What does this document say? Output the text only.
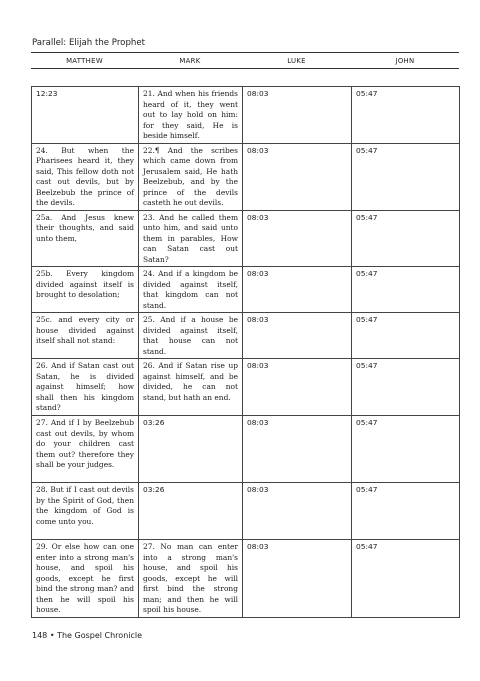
Parallel: Elijah the Prophet
MATTHEW	MARK	LUKE	JOHN
12:23	21. And when his friends heard of it, they went out to lay hold on him: for they said, He is beside himself.	08:03	05:47
24. But when the Pharisees heard it, they said, This fellow doth not cast out devils, but by Beelzebub the prince of the devils.	22.¶ And the scribes which came down from Jerusalem said, He hath Beelzebub, and by the prince of the devils casteth he out devils.	08:03	05:47
25a. And Jesus knew their thoughts, and said unto them,	23. And he called them unto him, and said unto them in parables, How can Satan cast out Satan?	08:03	05:47
25b. Every kingdom divided against itself is brought to desolation;	24. And if a kingdom be divided against itself, that kingdom can not stand.	08:03	05:47
25c. and every city or house divided against itself shall not stand:	25. And if a house be divided against itself, that house can not stand.	08:03	05:47
26. And if Satan cast out Satan, he is divided against himself; how shall then his kingdom stand?	26. And if Satan rise up against himself, and be divided, he can not stand, but hath an end.	08:03	05:47
27. And if I by Beelzebub cast out devils, by whom do your children cast them out? therefore they shall be your judges.	03:26	08:03	05:47
28. But if I cast out devils by the Spirit of God, then the kingdom of God is come unto you.	03:26	08:03	05:47
29. Or else how can one enter into a strong man's house, and spoil his goods, except he first bind the strong man? and then he will spoil his house.	27. No man can enter into a strong man's house, and spoil his goods, except he will first bind the strong man; and then he will spoil his house.	08:03	05:47
148 • The Gospel Chronicle
